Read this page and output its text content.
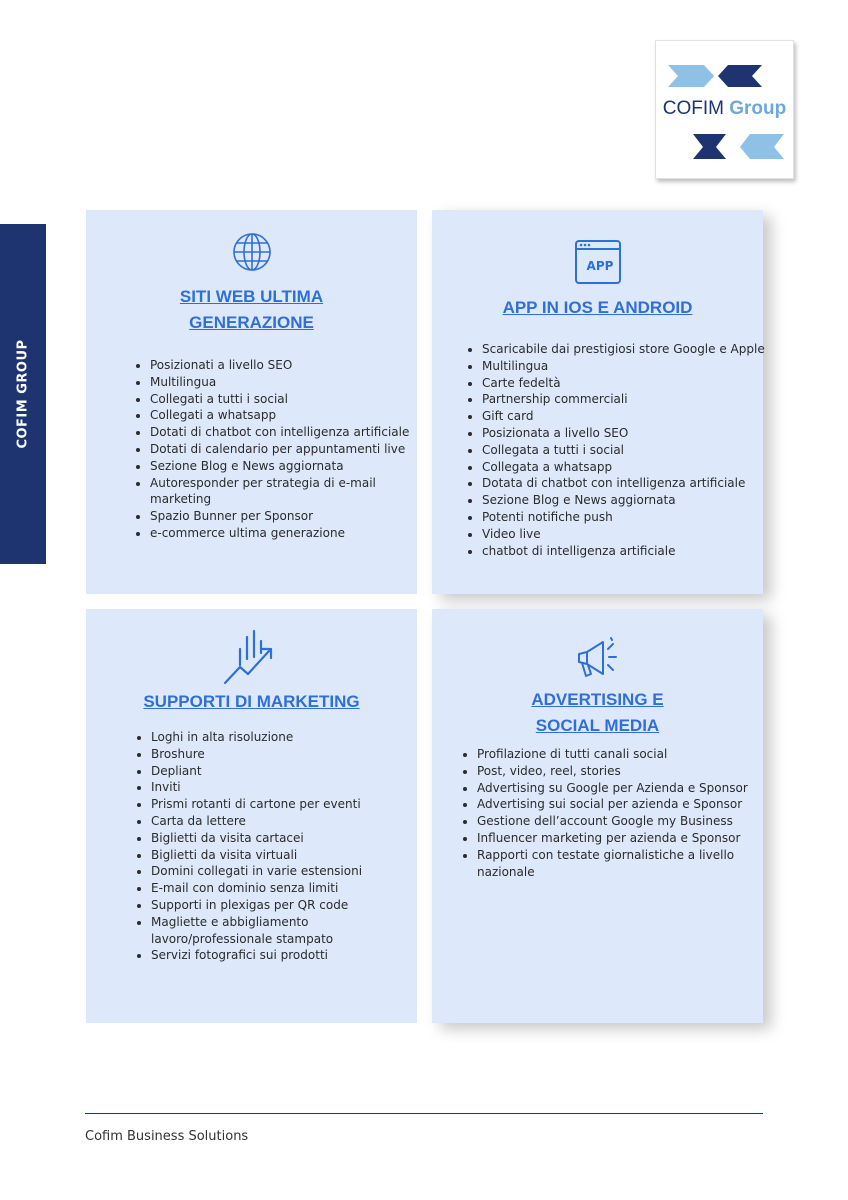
COFIM Group
COFIM GROUP
SITI WEB ULTIMA
GENERAZIONE
• Posizionati a livello SEO
• Multilingua
• Collegati a tutti i social
• Collegati a whatsapp
• Dotati di chatbot con intelligenza artificiale
• Dotati di calendario per appuntamenti live
• Sezione Blog e News aggiornata
• Autoresponder per strategia di e-mail marketing
• Spazio Bunner per Sponsor
• e-commerce ultima generazione
APP
APP IN IOS E ANDROID
• Scaricabile dai prestigiosi store Google e Apple
• Multilingua
• Carte fedeltà
• Partnership commerciali
• Gift card
• Posizionata a livello SEO
• Collegata a tutti i social
• Collegata a whatsapp
• Dotata di chatbot con intelligenza artificiale
• Sezione Blog e News aggiornata
• Potenti notifiche push
• Video live
• chatbot di intelligenza artificiale
SUPPORTI DI MARKETING
• Loghi in alta risoluzione
• Broshure
• Depliant
• Inviti
• Prismi rotanti di cartone per eventi
• Carta da lettere
• Biglietti da visita cartacei
• Biglietti da visita virtuali
• Domini collegati in varie estensioni
• E-mail con dominio senza limiti
• Supporti in plexigas per QR code
• Magliette e abbigliamento lavoro/professionale stampato
• Servizi fotografici sui prodotti
ADVERTISING E
SOCIAL MEDIA
• Profilazione di tutti canali social
• Post, video, reel, stories
• Advertising su Google per Azienda e Sponsor
• Advertising sui social per azienda e Sponsor
• Gestione dell’account Google my Business
• Influencer marketing per azienda e Sponsor
• Rapporti con testate giornalistiche a livello nazionale
Cofim Business Solutions
